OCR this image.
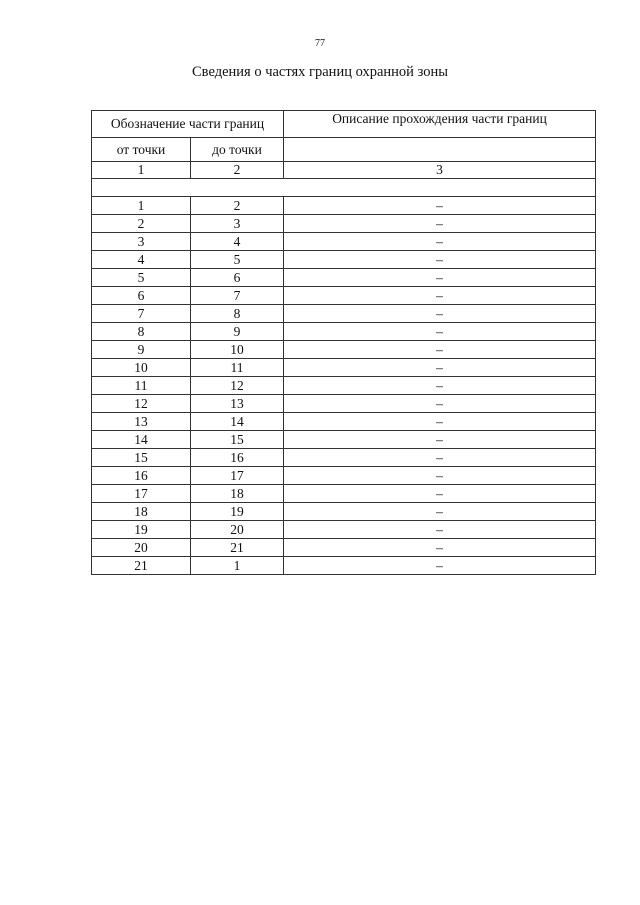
77
Сведения о частях границ охранной зоны
Обозначение части границ		Описание прохождения части границ
от точки	до точки	
1	2	3

1	2	–
2	3	–
3	4	–
4	5	–
5	6	–
6	7	–
7	8	–
8	9	–
9	10	–
10	11	–
11	12	–
12	13	–
13	14	–
14	15	–
15	16	–
16	17	–
17	18	–
18	19	–
19	20	–
20	21	–
21	1	–
